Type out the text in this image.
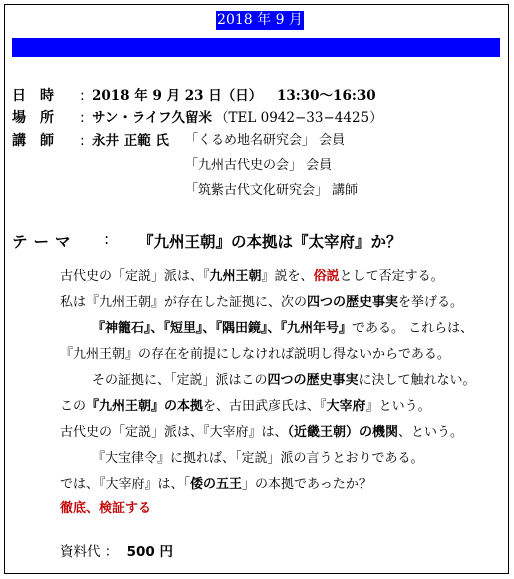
2018 年 9 月

再建第 29 回

くるめ地名研究会

日　時 : 2018 年 9 月 23 日（日） 13:30〜16:30
場　所 : サン・ライフ久留米 （TEL 0942−33−4425）
講　師 : 永井 正範 氏 「くるめ地名研究会」 会員
「九州古代史の会」 会員
「筑紫古代文化研究会」 講師
テーマ : 『九州王朝』の本拠は『太宰府』か？
古代史の「定説」派は、『九州王朝』説を、俗説として否定する。
私は『九州王朝』が存在した証拠に、次の四つの歴史事実を挙げる。
『神籠石』、『短里』、『隅田鏡』、『九州年号』である。 これらは、
『九州王朝』の存在を前提にしなければ説明し得ないからである。
その証拠に、「定説」派はこの四つの歴史事実に決して触れない。
この『九州王朝』の本拠を、古田武彦氏は、『大宰府』という。
古代史の「定説」派は、『大宰府』は、（近畿王朝）の機関、という。
『大宝律令』に拠れば、「定説」派の言うとおりである。
では、『大宰府』は、「倭の五王」の本拠であったか？
徹底、検証する
資料代 ： 500 円
